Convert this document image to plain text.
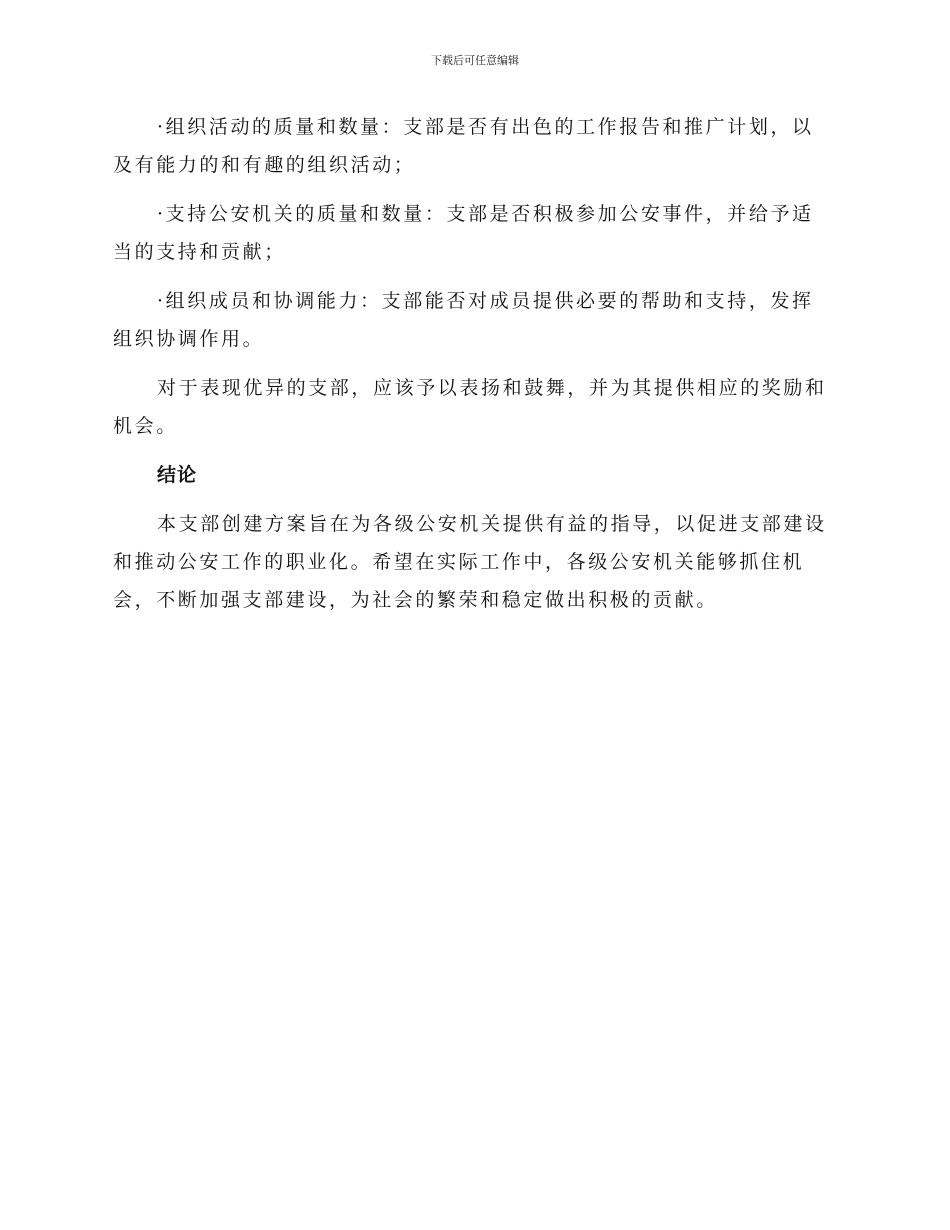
下载后可任意编辑

·组织活动的质量和数量：支部是否有出色的工作报告和推广计划，以及有能力的和有趣的组织活动；

·支持公安机关的质量和数量：支部是否积极参加公安事件，并给予适当的支持和贡献；

·组织成员和协调能力：支部能否对成员提供必要的帮助和支持，发挥组织协调作用。

对于表现优异的支部，应该予以表扬和鼓舞，并为其提供相应的奖励和机会。

结论

本支部创建方案旨在为各级公安机关提供有益的指导，以促进支部建设和推动公安工作的职业化。希望在实际工作中，各级公安机关能够抓住机会，不断加强支部建设，为社会的繁荣和稳定做出积极的贡献。
